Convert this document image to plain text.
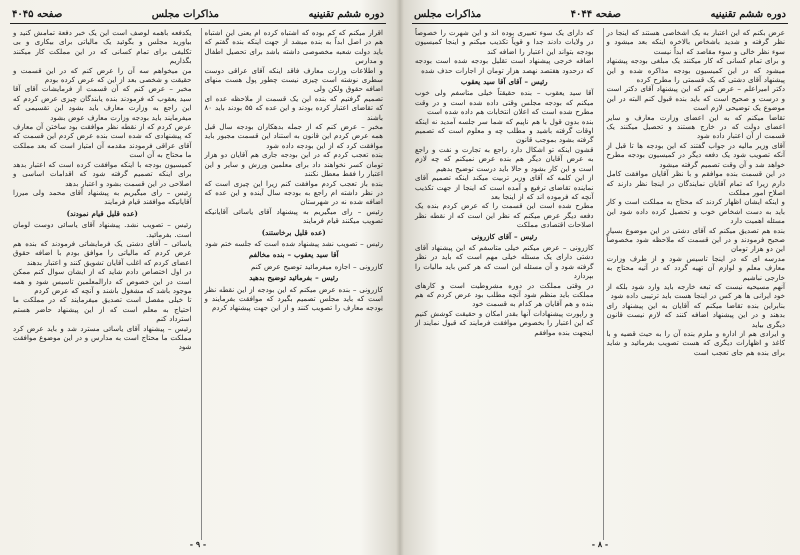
دوره ششم تقنینیه
مذاکرات مجلس
صفحه ۴۰۴۵

اقرار میکنم که کم بوده که اشتباه کرده ام یعنی این اشتباه هم در اصل ابداً به بنده میشد از جهت اینکه بنده گفتم که باید دولت شعبه مخصوصی داشته باشد برای تحصیل اطفال و مدارس

و اطلاعات وزارت معارف فاقد اینکه آقای عراقی دوست سطری نوشته است چیزی نیست چطور پول هست منهای اضافه حقوق ولکن ولی

تصمیم گرفتیم که بنده این یک قسمت از ملاحظه عده ای که تقاضای اعتبار کرده بودند و این عده که ۵۵ بودند باید ۸۰ باشند

مخبر – عرض کنم که از جمله بدهکاران بودجه سال قبل همه عرض کردم این قانون به استناد این قسمت مجبور باید موافقت کرد که از این بودجه داده شود

بنده تعجب کردم که در این بودجه جاری هم آقایان دو هزار تومان کسر نخواهند داد برای معلمین ورزش و سایر و این اعتبار را فقط معطل نکنند

بنده باز تعجب کردم موافقت کنم زیرا این چیزی است که در نظر داشته ام راجع به بودجه سال آینده و این عده که اضافه شده نه در شهرستان

رئیس – رای میگیریم به پیشنهاد آقای یاسائی آقایانیکه تصویب میکنند قیام فرمایند

(عده قلیل برخاستند)

رئیس – تصویب نشد پیشنهاد شده است که جلسه ختم شود

آقا سید یعقوب – بنده مخالفم

کازرونی – اجازه میفرمائید توضیح عرض کنم

رئیس – بفرمائید توضیح بدهید

کازرونی – بنده عرض میکنم که این بودجه از این نقطه نظر است که باید مجلس تصمیم بگیرد که موافقت بفرمایند و بودجه معارف را تصویب کنند و از این جهت پیشنهاد کردم

یکدفعه باهمه لوصف است این یک خبر دفعة تمامش کنید و بیاورید مجلس و بگوئید یک مالیاتی برای بیکاری و بی تکلیفی برای تمام کسانی که در این مملکت کار میکنند بگذاریم

من میخواهم سه آن را عرض کنم که در این قسمت و حقیقت و شخصی بعد از این که عرض کرده بودم

مخبر – عرض کنم که آن قسمت از فرمایشات آقای آقا سید یعقوب که فرمودند بنده یابندگان چیزی عرض کردم که این راجع به وزارت معارف باید بشود این تقسیمی که میفرمایند باید بودجه وزارت معارف عوض بشود

عرض کردم که از نقطه نظر موافقت بود ساختن آن معارف که پیشنهادی که شده است بنده عرض کردم این قسمت که آقای عراقی فرمودند مقدمه آن امتیاز است که بعد مملکت ما محتاج به آن است

کمیسیون بودجه با اینکه موافقت کرده است که اعتبار بدهد برای اینکه تصمیم گرفته شود که اقدامات اساسی و اصلاحی در این قسمت بشود و اعتبار بدهد

رئیس – رای میگیریم به پیشنهاد آقای محمد ولی میرزا آقایانیکه موافقند قیام فرمایند

(عده قلیل قیام نمودند)

رئیس – تصویب نشد. پیشنهاد آقای یاسائی دوست لومان است. بفرمائید.

یاسائی – آقای دشتی یک فرمایشاتی فرمودند که بنده هم عرض کردم که مالیاتی را موافق بودم با اضافه حقوق اعضای کردم که اغلب آقایان تشویق کنند و اعتبار بدهند

در اول اختصاص دادم شاید که از ایشان سوال کنم ممکن است در این خصوص که دارالمعلمین تاسیس شود و همه موجود باشد که مشغول باشند و آنچه که عرض کردم

تا خیلی مفصل است تصدیق میفرمایند که در مملکت ما احتیاج به معلم است که از این پیشنهاد حاضر هستم استرداد کنم

رئیس – پیشنهاد آقای یاسائی مسترد شد و باید عرض کرد مملکت ما محتاج است به مدارس و در این موضوع موافقت شود

- ۹ -
دوره ششم تقنینیه
صفحه ۴۰۴۴
مذاکرات مجلس

عرض بکنم که این اعتبار به یک اشخاصی هستند که اینجا در نظر گرفته و شدید باشخاص بالاخره اینکه بعد میشود و سوء نظر خالی و سوء مقاصد که ابداً نیست

و برای تمام کسانی که کار میکنند یک مبلغی بودجه پیشنهاد میشود که در این کمیسیون بودجه مذاکره شده و این پیشنهاد آقای دشتی که یک قسمتی را مطرح کرده

دکتر امیراعلم – عرض کنم که این پیشنهاد آقای دکتر است و درست و صحیح است که باید بنده قبول کنم البته در این موضوع یک توضیحی لازم است

تقاضا میکنم که به این اعضای وزارت معارف و سایر اعضای دولت که در خارج هستند و تحصیل میکنند یک قسمت از آن اعتبار داده شود

آقای وزیر مالیه در جواب گفتند که این بودجه ها تا قبل از آنکه تصویب شود یک دفعه دیگر در کمیسیون بودجه مطرح خواهد شد و آن وقت تصمیم گرفته میشود

در این قسمت بنده موافقم و با نظر آقایان موافقت کامل دارم زیرا که تمام آقایان نمایندگان در اینجا نظر دارند که اصلاح امور مملکت

و اینکه ایشان اظهار کردند که محتاج به مملکت است و کار باید به دست اشخاص خوب و تحصیل کرده داده شود این مسئله اهمیت دارد

بنده هم تصدیق میکنم که آقای دشتی در این موضوع بسیار صحیح فرمودند و در این قسمت که ملاحظه شود مخصوصاً این دو هزار تومان

مدرسه ای که در اینجا تاسیس شود و از طرف وزارت معارف معلم و لوازم آن تهیه گردد که در آتیه محتاج به خارجی نباشیم

آنهم مسیحیه نیست که تبعه خارجه باید وارد شود بلکه از خود ایرانی ها هر کس در اینجا هست باید ترتیبی داده شود

بنابراین بنده تقاضا میکنم که آقایان به این پیشنهاد رای بدهند و در این پیشنهاد اضافه کنند که لازم نیست قانون دیگری بیاید

و ایرادی هم از اداره و ملزم بنده آن را به حیث قضیه و با کاغذ و اظهارات دیگری که هست تصویب بفرمائید و شاید برای بنده هم جای تعجب است

که دارای یک سوء تعبیری بوده اند و این شهرت را خصوصاً در ولایات دادند جدا و قویاً تکذیب میکنم و اینجا کمیسیون بودجه بتواند این اعتبار را اضافه کند

اضافه خرجی پیشنهاد است تقلیل بودجه شده است بودجه که درحدود هفتصد نهصد هزار تومان از اجارات حذف شده

رئیس – آقای آقا سید یعقوب

آقا سید یعقوب – بنده حقیقتاً خیلی متاسفم ولی خوب میکنم که بودجه مجلس وقتی داده شده است و در وقت مطرح شده است که اعلان انتخابات هم داده شده است

بنده بدون قول با هم ناپیم که شما سر جلسه آمدید نه اینکه اوقات گرفته باشید و مطلب چه و معلوم است که تصمیم گرفته بشود بموجب قانون

قشون اینکه تو اشکال دارد راجع به تجارت و نفت و راجع به عرض آقایان دیگر هم بنده عرض نمیکنم که چه لازم است و این کار بشود و حالا باید درست توضیح بدهیم

از این کلمه که آقای وزیر تربیت میکند اینکه تصمیم آقای نماینده تقاضای ترفیع و آمده است که اینجا از جهت تکذیب آنچه که فرموده اند که از اینجا بعد

مطرح شده است این قسمت را که عرض کردم بنده یک دفعه دیگر عرض میکنم که نظر این است که از نقطه نظر اصلاحات اقتصادی مملکت

رئیس – آقای کازرونی

کازرونی – عرض میکنم خیلی متاسفم که این پیشنهاد آقای دشتی دارای یک مسئله خیلی مهم است که باید در نظر گرفته شود و آن مسئله این است که هر کس باید مالیات را بپردازد

در وقتی مملکت در دوره مشروطیت است و کارهای مملکت باید منظم شود آنچه مطلب بود عرض کردم که هم بنده و هم آقایان هر کدام به قسمت خود

و راپورت پیشنهادات آنها بقدر امکان و حقیقت کوشش کنیم که این اعتبار را بخصوص موافقت فرمایند که قبول نمایند از اینجهت بنده موافقم

- ۸ -
